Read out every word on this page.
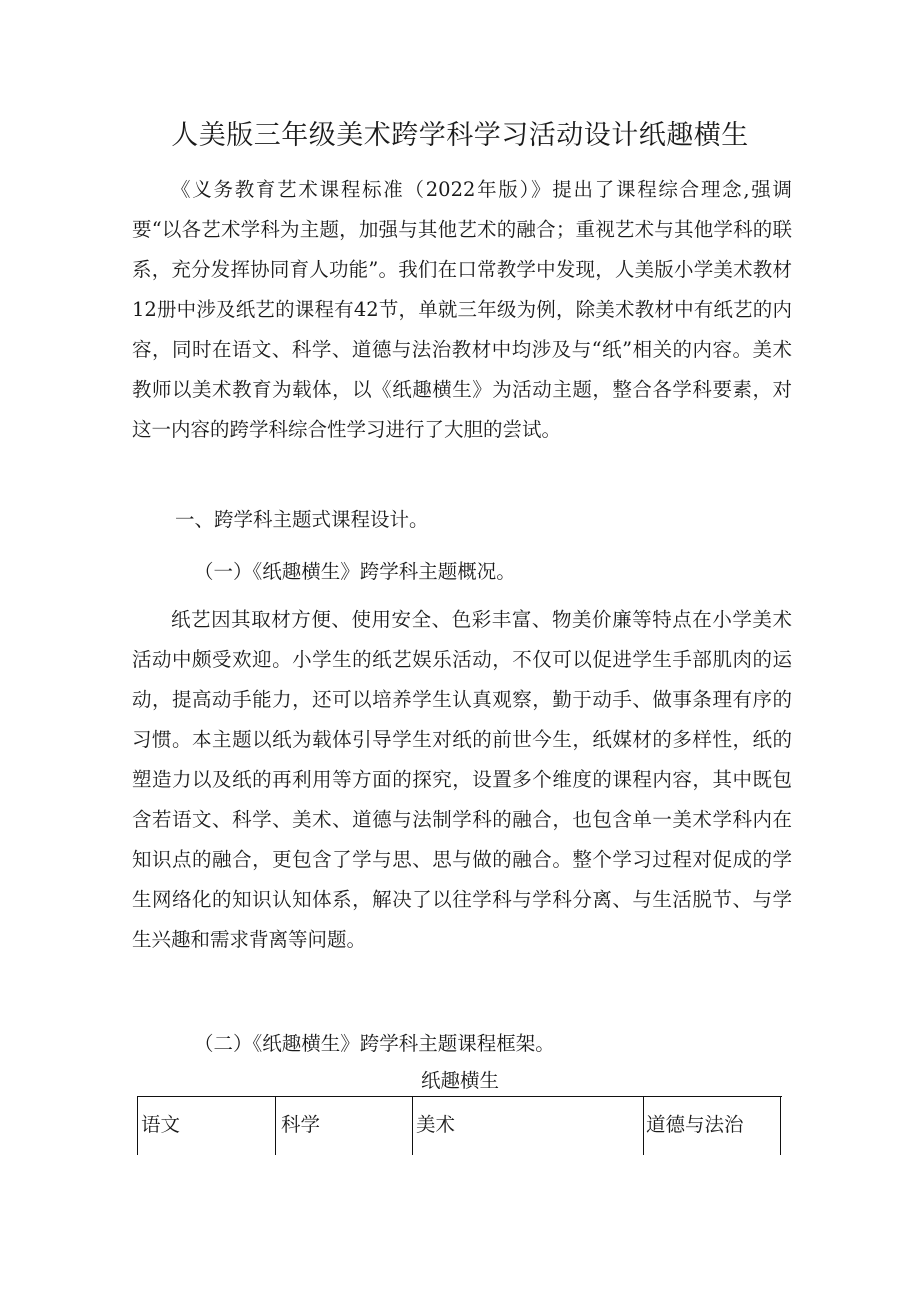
人美版三年级美术跨学科学习活动设计纸趣横生

《义务教育艺术课程标准（2022年版）》提出了课程综合理念,强调要“以各艺术学科为主题，加强与其他艺术的融合；重视艺术与其他学科的联系，充分发挥协同育人功能”。我们在口常教学中发现，人美版小学美术教材12册中涉及纸艺的课程有42节，单就三年级为例，除美术教材中有纸艺的内容，同时在语文、科学、道德与法治教材中均涉及与“纸”相关的内容。美术教师以美术教育为载体，以《纸趣横生》为活动主题，整合各学科要素，对这一内容的跨学科综合性学习进行了大胆的尝试。

一、跨学科主题式课程设计。

（一）《纸趣横生》跨学科主题概况。

纸艺因其取材方便、使用安全、色彩丰富、物美价廉等特点在小学美术活动中颇受欢迎。小学生的纸艺娱乐活动，不仅可以促进学生手部肌肉的运动，提高动手能力，还可以培养学生认真观察，勤于动手、做事条理有序的习惯。本主题以纸为载体引导学生对纸的前世今生，纸媒材的多样性，纸的塑造力以及纸的再利用等方面的探究，设置多个维度的课程内容，其中既包含若语文、科学、美术、道德与法制学科的融合，也包含单一美术学科内在知识点的融合，更包含了学与思、思与做的融合。整个学习过程对促成的学生网络化的知识认知体系，解决了以往学科与学科分离、与生活脱节、与学生兴趣和需求背离等问题。

（二）《纸趣横生》跨学科主题课程框架。

纸趣横生
语文	科学	美术	道德与法治
